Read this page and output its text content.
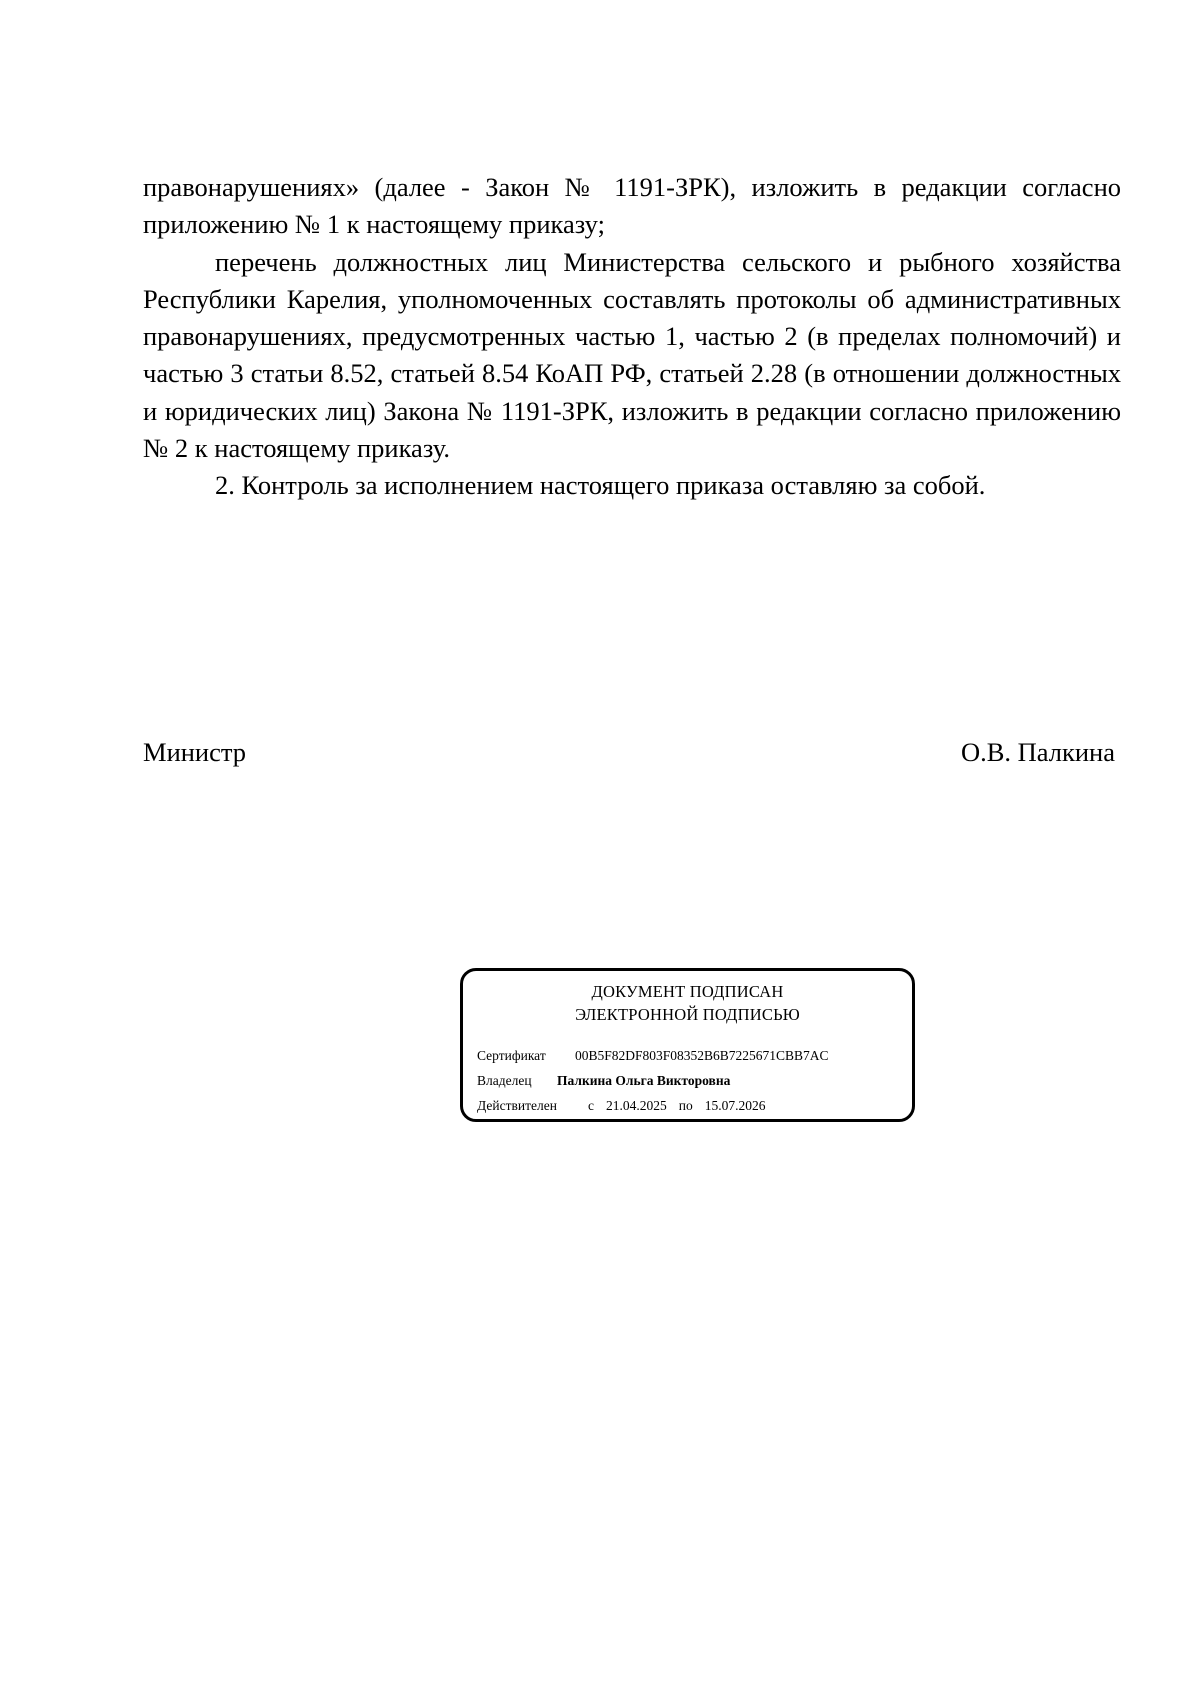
правонарушениях» (далее - Закон № 1191-ЗРК), изложить в редакции согласно
приложению № 1 к настоящему приказу;

перечень должностных лиц Министерства сельского и рыбного хозяйства Республики Карелия, уполномоченных составлять протоколы об административных правонарушениях, предусмотренных частью 1, частью 2 (в пределах полномочий) и частью 3 статьи 8.52, статьей 8.54 КоАП РФ, статьей 2.28 (в отношении должностных и юридических лиц) Закона № 1191-ЗРК, изложить в редакции согласно приложению № 2 к настоящему приказу.

2. Контроль за исполнением настоящего приказа оставляю за собой.

Министр	О.В. Палкина
ДОКУМЕНТ ПОДПИСАН
ЭЛЕКТРОННОЙ ПОДПИСЬЮ
Сертификат 00B5F82DF803F08352B6B7225671CBB7AC
Владелец Палкина Ольга Викторовна
Действителен с 21.04.2025 по 15.07.2026
